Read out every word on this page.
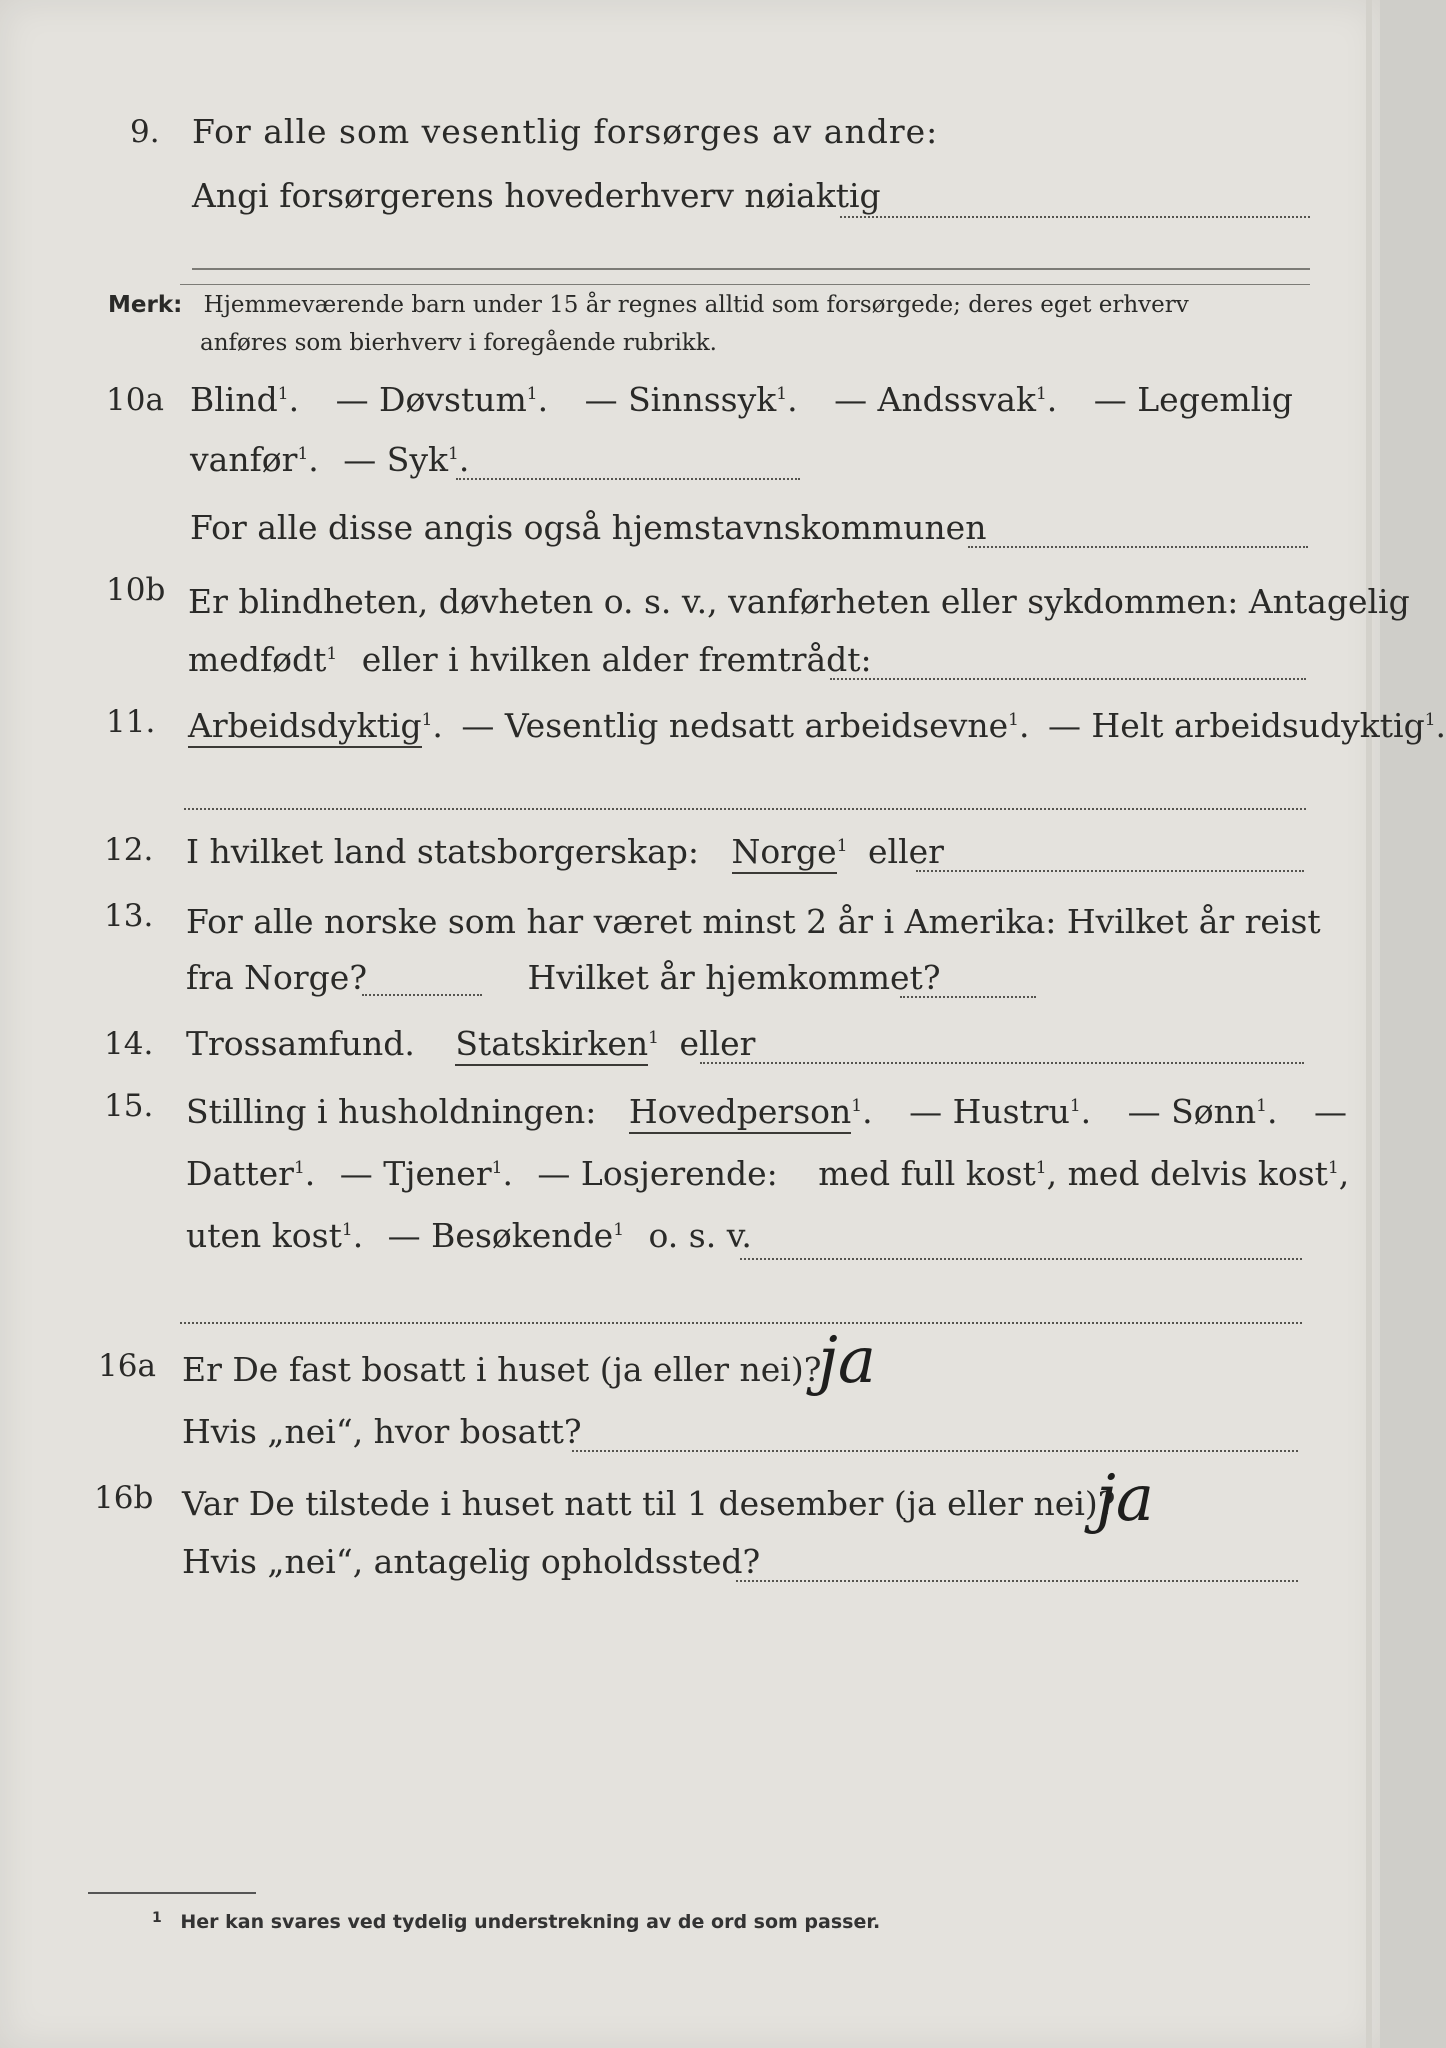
9. For alle som vesentlig forsørges av andre:
Angi forsørgerens hovederhverv nøiaktig
Merk: Hjemmeværende barn under 15 år regnes alltid som forsørgede; deres eget erhverv
anføres som bierhverv i foregående rubrikk.
10a Blind$^1$. — Døvstum$^1$. — Sinnssyk$^1$. — Andssvak$^1$. — Legemlig
vanfør$^1$. — Syk$^1$.
For alle disse angis også hjemstavnskommunen
10b Er blindheten, døvheten o. s. v., vanførheten eller sykdommen: Antagelig
medfødt$^1$ eller i hvilken alder fremtrådt:
11. Arbeidsdyktig$^1$. — Vesentlig nedsatt arbeidsevne$^1$. — Helt arbeidsudyktig$^1$.
12. I hvilket land statsborgerskap: Norge$^1$ eller
13. For alle norske som har været minst 2 år i Amerika: Hvilket år reist
fra Norge?	Hvilket år hjemkommet?
14. Trossamfund. Statskirken$^1$ eller
15. Stilling i husholdningen: Hovedperson$^1$. — Hustru$^1$. — Sønn$^1$. —
Datter$^1$. — Tjener$^1$. — Losjerende: med full kost$^1$, med delvis kost$^1$,
uten kost$^1$. — Besøkende$^1$ o. s. v.
16a Er De fast bosatt i huset (ja eller nei)?
Hvis „nei“, hvor bosatt?
ja
16b Var De tilstede i huset natt til 1 desember (ja eller nei)?
Hvis „nei“, antagelig opholdssted?
ja
$^1$ Her kan svares ved tydelig understrekning av de ord som passer.
